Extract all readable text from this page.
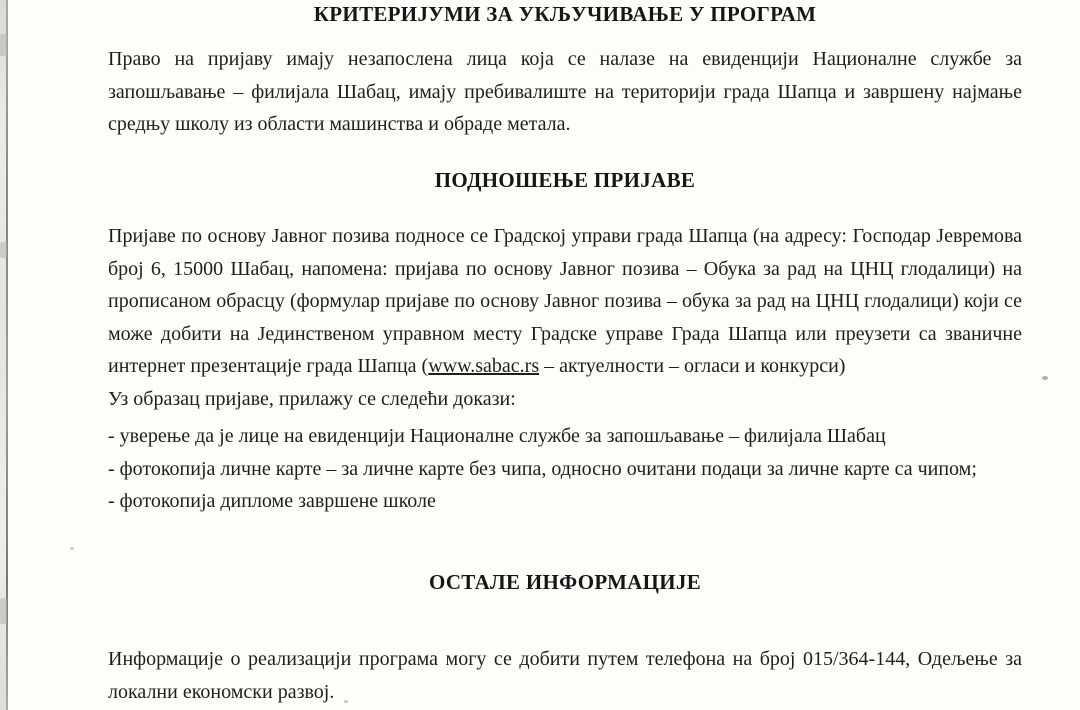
КРИТЕРИЈУМИ ЗА УКЉУЧИВАЊЕ У ПРОГРАМ

Право на пријаву имају незапослена лица која се налазе на евиденцији Националне службе за запошљавање – филијала Шабац, имају пребивалиште на територији града Шапца и завршену најмање средњу школу из области машинства и обраде метала.

ПОДНОШЕЊЕ ПРИЈАВЕ

Пријаве по основу Јавног позива подносе се Градској управи града Шапца (на адресу: Господар Јевремова број 6, 15000 Шабац, напомена: пријава по основу Јавног позива – Обука за рад на ЦНЦ глодалици) на прописаном обрасцу (формулар пријаве по основу Јавног позива – обука за рад на ЦНЦ глодалици) који се може добити на Јединственом управном месту Градске управе Града Шапца или преузети са званичне интернет презентације града Шапца (www.sabac.rs – актуелности – огласи и конкурси)

Уз образац пријаве, прилажу се следећи докази:

- уверење да је лице на евиденцији Националне службе за запошљавање – филијала Шабац

- фотокопија личне карте – за личне карте без чипа, односно очитани подаци за личне карте са чипом;

- фотокопија дипломе завршене школе

ОСТАЛЕ ИНФОРМАЦИЈЕ

Информације о реализацији програма могу се добити путем телефона на број 015/364-144, Одељење за локални економски развој.
